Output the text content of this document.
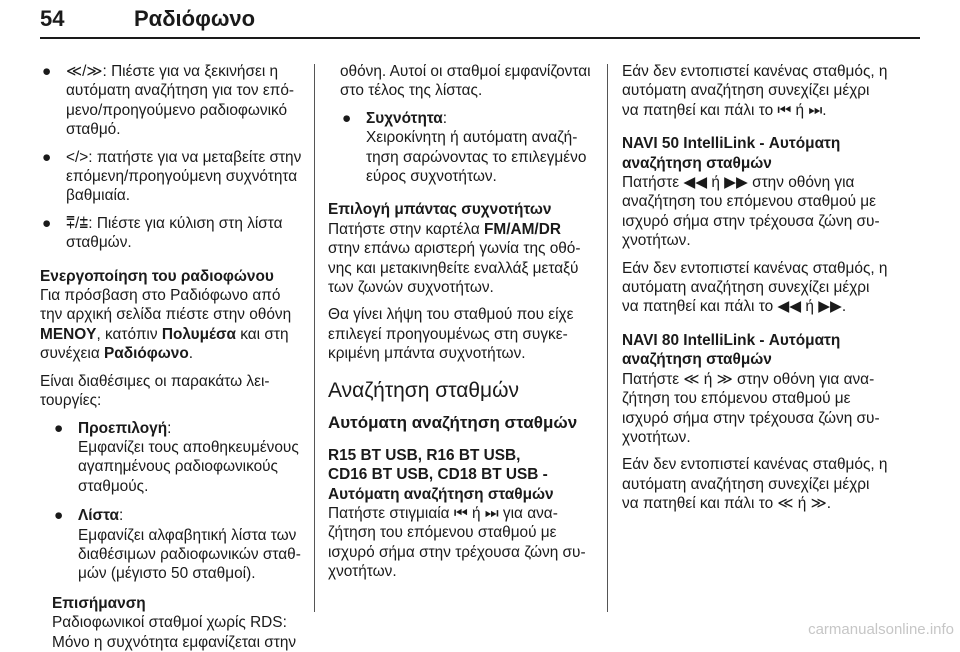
54	Ραδιόφωνο
● ≪/≫: Πιέστε για να ξεκινήσει η αυτόματη αναζήτηση για τον επόμενο/προηγούμενο ραδιοφωνικό σταθμό.
● </>: πατήστε για να μεταβείτε στην επόμενη/προηγούμενη συχνότητα βαθμιαία.
● ⩱/⩲: Πιέστε για κύλιση στη λίστα σταθμών.
Ενεργοποίηση του ραδιοφώνου

Για πρόσβαση στο Ραδιόφωνο από την αρχική σελίδα πιέστε στην οθόνη MENOY, κατόπιν Πολυμέσα και στη συνέχεια Ραδιόφωνο.

Είναι διαθέσιμες οι παρακάτω λειτουργίες:

● Προεπιλογή:

Εμφανίζει τους αποθηκευμένους αγαπημένους ραδιοφωνικούς σταθμούς.

● Λίστα:

Εμφανίζει αλφαβητική λίστα των διαθέσιμων ραδιοφωνικών σταθμών (μέγιστο 50 σταθμοί).

Επισήμανση
Ραδιοφωνικοί σταθμοί χωρίς RDS: Μόνο η συχνότητα εμφανίζεται στην

οθόνη. Αυτοί οι σταθμοί εμφανίζονται στο τέλος της λίστας.

● Συχνότητα:

Χειροκίνητη ή αυτόματη αναζήτηση σαρώνοντας το επιλεγμένο εύρος συχνοτήτων.

Επιλογή μπάντας συχνοτήτων

Πατήστε στην καρτέλα FM/AM/DR στην επάνω αριστερή γωνία της οθόνης και μετακινηθείτε εναλλάξ μεταξύ των ζωνών συχνοτήτων.

Θα γίνει λήψη του σταθμού που είχε επιλεγεί προηγουμένως στη συγκεκριμένη μπάντα συχνοτήτων.

Αναζήτηση σταθμών
Αυτόματη αναζήτηση σταθμών
R15 BT USB, R16 BT USB,
CD16 BT USB, CD18 BT USB -
Αυτόματη αναζήτηση σταθμών

Πατήστε στιγμιαία ⏮ ή ⏭ για αναζήτηση του επόμενου σταθμού με ισχυρό σήμα στην τρέχουσα ζώνη συχνοτήτων.

Εάν δεν εντοπιστεί κανένας σταθμός, η αυτόματη αναζήτηση συνεχίζει μέχρι να πατηθεί και πάλι το ⏮ ή ⏭.

NAVI 50 IntelliLink - Αυτόματη
αναζήτηση σταθμών

Πατήστε ◀◀ ή ▶▶ στην οθόνη για αναζήτηση του επόμενου σταθμού με ισχυρό σήμα στην τρέχουσα ζώνη συχνοτήτων.

Εάν δεν εντοπιστεί κανένας σταθμός, η αυτόματη αναζήτηση συνεχίζει μέχρι να πατηθεί και πάλι το ◀◀ ή ▶▶.

NAVI 80 IntelliLink - Αυτόματη
αναζήτηση σταθμών

Πατήστε ≪ ή ≫ στην οθόνη για αναζήτηση του επόμενου σταθμού με ισχυρό σήμα στην τρέχουσα ζώνη συχνοτήτων.

Εάν δεν εντοπιστεί κανένας σταθμός, η αυτόματη αναζήτηση συνεχίζει μέχρι να πατηθεί και πάλι το ≪ ή ≫.

carmanualsonline.info
